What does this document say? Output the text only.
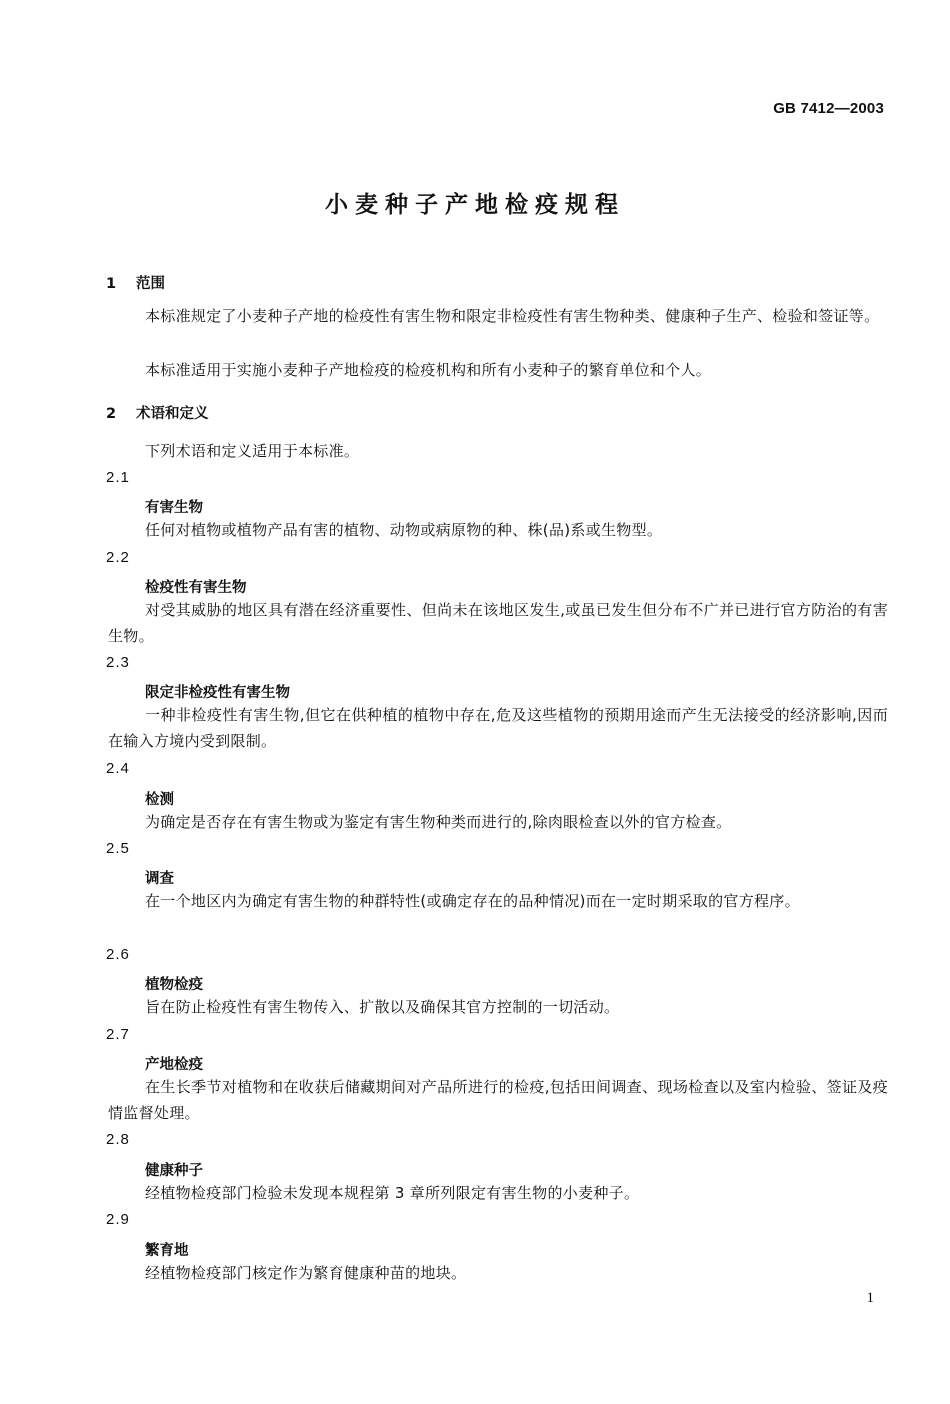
GB 7412—2003
小麦种子产地检疫规程
1 范围
本标准规定了小麦种子产地的检疫性有害生物和限定非检疫性有害生物种类、健康种子生产、检验和签证等。
本标准适用于实施小麦种子产地检疫的检疫机构和所有小麦种子的繁育单位和个人。
2 术语和定义
下列术语和定义适用于本标准。
2.1
有害生物
任何对植物或植物产品有害的植物、动物或病原物的种、株(品)系或生物型。
2.2
检疫性有害生物
对受其威胁的地区具有潜在经济重要性、但尚未在该地区发生,或虽已发生但分布不广并已进行官方防治的有害生物。
2.3
限定非检疫性有害生物
一种非检疫性有害生物,但它在供种植的植物中存在,危及这些植物的预期用途而产生无法接受的经济影响,因而在输入方境内受到限制。
2.4
检测
为确定是否存在有害生物或为鉴定有害生物种类而进行的,除肉眼检查以外的官方检查。
2.5
调查
在一个地区内为确定有害生物的种群特性(或确定存在的品种情况)而在一定时期采取的官方程序。
2.6
植物检疫
旨在防止检疫性有害生物传入、扩散以及确保其官方控制的一切活动。
2.7
产地检疫
在生长季节对植物和在收获后储藏期间对产品所进行的检疫,包括田间调查、现场检查以及室内检验、签证及疫情监督处理。
2.8
健康种子
经植物检疫部门检验未发现本规程第 3 章所列限定有害生物的小麦种子。
2.9
繁育地
经植物检疫部门核定作为繁育健康种苗的地块。
1
